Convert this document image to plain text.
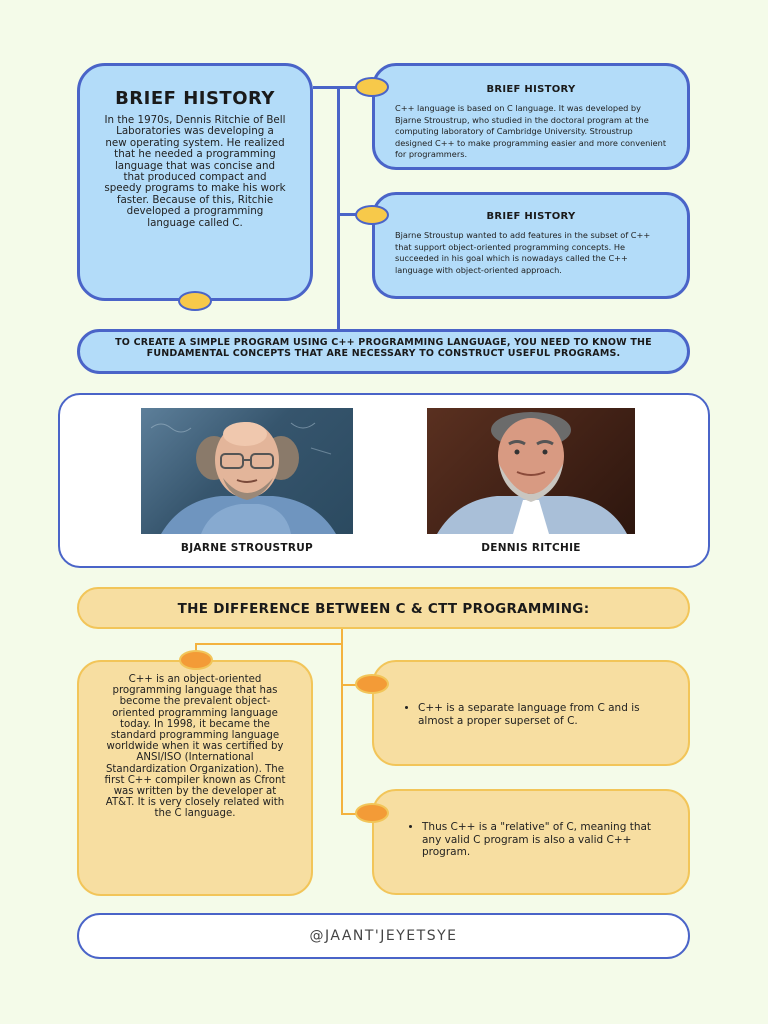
BRIEF HISTORY
In the 1970s, Dennis Ritchie of Bell Laboratories was developing a new operating system. He realized that he needed a programming language that was concise and that produced compact and speedy programs to make his work faster. Because of this, Ritchie developed a programming language called C.
BRIEF HISTORY
C++ language is based on C language. It was developed by Bjarne Stroustrup, who studied in the doctoral program at the computing laboratory of Cambridge University. Stroustrup designed C++ to make programming easier and more convenient for programmers.
BRIEF HISTORY
Bjarne Stroustup wanted to add features in the subset of C++ that support object-oriented programming concepts. He succeeded in his goal which is nowadays called the C++ language with object-oriented approach.
TO CREATE A SIMPLE PROGRAM USING C++ PROGRAMMING LANGUAGE, YOU NEED TO KNOW THE FUNDAMENTAL CONCEPTS THAT ARE NECESSARY TO CONSTRUCT USEFUL PROGRAMS.
BJARNE STROUSTRUP	DENNIS RITCHIE
THE DIFFERENCE BETWEEN C & CTT PROGRAMMING:
C++ is an object-oriented programming language that has become the prevalent object-oriented programming language today. In 1998, it became the standard programming language worldwide when it was certified by ANSI/ISO (International Standardization Organization). The first C++ compiler known as Cfront was written by the developer at AT&T. It is very closely related with the C language.
• C++ is a separate language from C and is almost a proper superset of C.
• Thus C++ is a "relative" of C, meaning that any valid C program is also a valid C++ program.
@JAANT'JEYETSYE
